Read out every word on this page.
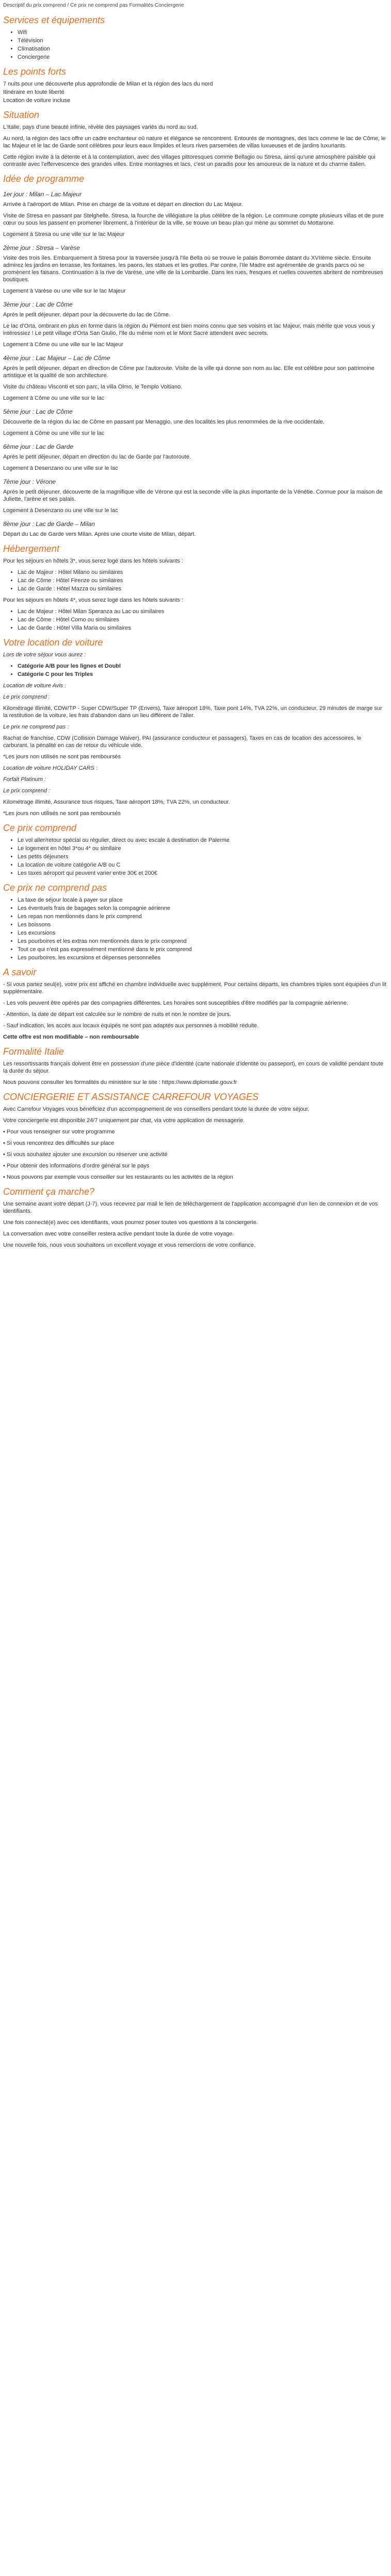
Descriptif du prix comprend / Ce prix ne comprend pas Formalités Conciergerie

Services et équipements
• Wifi
• Télévision
• Climatisation
• Conciergerie
Les points forts

7 nuits pour une découverte plus approfondie de Milan et la région des lacs du nord

Itinéraire en toute liberté

Location de voiture incluse

Situation

L'Italie, pays d'une beauté infinie, révèle des paysages variés du nord au sud.

Au nord, la région des lacs offre un cadre enchanteur où nature et élégance se rencontrent. Entourés de montagnes, des lacs comme le lac de Côme, le lac Majeur et le lac de Garde sont célèbres pour leurs eaux limpides et leurs rives parsemées de villas luxueuses et de jardins luxuriants.

Cette région invite à la détente et à la contemplation, avec des villages pittoresques comme Bellagio ou Stresa, ainsi qu'une atmosphère paisible qui contraste avec l'effervescence des grandes villes. Entre montagnes et lacs, c'est un paradis pour les amoureux de la nature et du charme italien.

Idée de programme
1er jour : Milan – Lac Majeur

Arrivée à l'aéroport de Milan. Prise en charge de la voiture et départ en direction du Lac Majeur.

Visite de Stresa en passant par Stelghelle. Stresa, la fourche de villégiature la plus célèbre de la région. Le commune compte plusieurs villas et de pure cœur ou sous les passent en promener librement, à l'intérieur de la ville, se trouve un beau plan qui mène au sommet du Mottarone.

Logement à Stresa ou une ville sur le lac Majeur

2ème jour : Stresa – Varèse

Visite des trois îles. Embarquement à Stresa pour la traversée jusqu'à l'Ile Bella où se trouve le palais Borromée datant du XVIIème siècle. Ensuite admirez les jardins en terrasse, les fontaines, les paons, les statues et les grottes. Par contre, l'Ile Madre est agrémentée de grands parcs où se promènent les faisans. Continuation à la rive de Varèse, une ville de la Lombardie. Dans les rues, fresques et ruelles couvertes abritent de nombreuses boutiques.

Logement à Varèse ou une ville sur le lac Majeur

3ème jour : Lac de Côme

Après le petit déjeuner, départ pour la découverte du lac de Côme.

Le lac d'Orta, ombrant en plus en forme dans la région du Piémont est bien moins connu que ses voisins et lac Majeur, mais mérite que vous vous y intéressiez ! Le petit village d'Orta San Giulio, l'île du même nom et le Mont Sacré attendent avec secrets.

Logement à Côme ou une ville sur le lac Majeur

4ème jour : Lac Majeur – Lac de Côme

Après le petit déjeuner, départ en direction de Côme par l'autoroute. Visite de la ville qui donne son nom au lac. Elle est célèbre pour son patrimoine artistique et la qualité de son architecture.

Visite du château Visconti et son parc, la villa Olmo, le Tempio Voltiano.

Logement à Côme ou une ville sur le lac

5ème jour : Lac de Côme

Découverte de la région du lac de Côme en passant par Menaggio, une des localités les plus renommées de la rive occidentale.

Logement à Côme ou une ville sur le lac

6ème jour : Lac de Garde

Après le petit déjeuner, départ en direction du lac de Garde par l'autoroute.

Logement à Desenzano ou une ville sur le lac

7ème jour : Vérone

Après le petit déjeuner, découverte de la magnifique ville de Vérone qui est la seconde ville la plus importante de la Vénétie. Connue pour la maison de Juliette, l'arène et ses palais.

Logement à Desenzano ou une ville sur le lac

8ème jour : Lac de Garde – Milan

Départ du Lac de Garde vers Milan. Après une courte visite de Milan, départ.

Hébergement

Pour les séjours en hôtels 3*, vous serez logé dans les hôtels suivants :

• Lac de Majeur : Hôtel Milano ou similaires
• Lac de Côme : Hôtel Firenze ou similaires
• Lac de Garde : Hôtel Mazza ou similaires

Pour les séjours en hôtels 4*, vous serez logé dans les hôtels suivants :

• Lac de Majeur : Hôtel Milan Speranza au Lac ou similaires
• Lac de Côme : Hôtel Como ou similaires
• Lac de Garde : Hôtel Villa Maria ou similaires
Votre location de voiture

Lors de votre séjour vous aurez :

• Catégorie A/B pour les lignes et Doubl
• Catégorie C pour les Triples

Location de voiture Avis :

Le prix comprend :

Kilométrage illimité, CDW/TP - Super CDW/Super TP (Envers), Taxe aéroport 18%, Taxe pont 14%, TVA 22%, un conducteur, 29 minutes de marge sur la restitution de la voiture, les frais d'abandon dans un lieu différent de l'aller.

Le prix ne comprend pas :

Rachat de franchise, CDW (Collision Damage Waiver), PAI (assurance conducteur et passagers), Taxes en cas de location des accessoires, le carburant, la pénalité en cas de retour du véhicule vide.

*Les jours non utilisés ne sont pas remboursés

Location de voiture HOLIDAY CARS :

Forfait Platinum :

Le prix comprend :

Kilométrage illimité, Assurance tous risques, Taxe aéroport 18%, TVA 22%, un conducteur.

*Les jours non utilisés ne sont pas remboursés

Ce prix comprend
• Le vol aller/retour spécial ou régulier, direct ou avec escale à destination de Palerme
• Le logement en hôtel 3*ou 4* ou similaire
• Les petits déjeuners
• La location de voiture catégorie A/B ou C
• Les taxes aéroport qui peuvent varier entre 30€ et 200€
Ce prix ne comprend pas
• La taxe de séjour locale à payer sur place
• Les éventuels frais de bagages selon la compagnie aérienne
• Les repas non mentionnés dans le prix comprend
• Les boissons
• Les excursions
• Les pourboires et les extras non mentionnés dans le prix comprend
• Tout ce qui n'est pas expressément mentionné dans le prix comprend
• Les pourboires, les excursions et dépenses personnelles
A savoir

- Si vous partez seul(e), votre prix est affiché en chambre individuelle avec supplément. Pour certains départs, les chambres triples sont équipées d'un lit supplémentaire.

- Les vols peuvent être opérés par des compagnies différentes. Les horaires sont susceptibles d'être modifiés par la compagnie aérienne.

- Attention, la date de départ est calculée sur le nombre de nuits et non le nombre de jours.

- Sauf indication, les accès aux locaux équipés ne sont pas adaptés aux personnes à mobilité réduite.

Cette offre est non modifiable – non remboursable

Formalité Italie

Les ressortissants français doivent être en possession d'une pièce d'identité (carte nationale d'identité ou passeport), en cours de validité pendant toute la durée du séjour.

Nous pouvons consulter les formalités du ministère sur le site : https://www.diplomatie.gouv.fr

CONCIERGERIE ET ASSISTANCE CARREFOUR VOYAGES

Avec Carrefour Voyages vous bénéficiez d'un accompagnement de vos conseillers pendant toute la durée de votre séjour.

Votre conciergerie est disponible 24/7 uniquement par chat, via votre application de messagerie.

• Pour vous renseigner sur votre programme

• Si vous rencontrez des difficultés sur place

• Si vous souhaitez ajouter une excursion ou réserver une activité

• Pour obtenir des informations d'ordre général sur le pays

• Nous pouvons par exemple vous conseiller sur les restaurants ou les activités de la région

Comment ça marche?

Une semaine avant votre départ (J-7), vous recevrez par mail le lien de téléchargement de l'application accompagné d'un lien de connexion et de vos identifiants.

Une fois connecté(e) avec ces identifiants, vous pourrez poser toutes vos questions à la conciergerie.

La conversation avec votre conseiller restera active pendant toute la durée de votre voyage.

Une nouvelle fois, nous vous souhaitons un excellent voyage et vous remercions de votre confiance.
